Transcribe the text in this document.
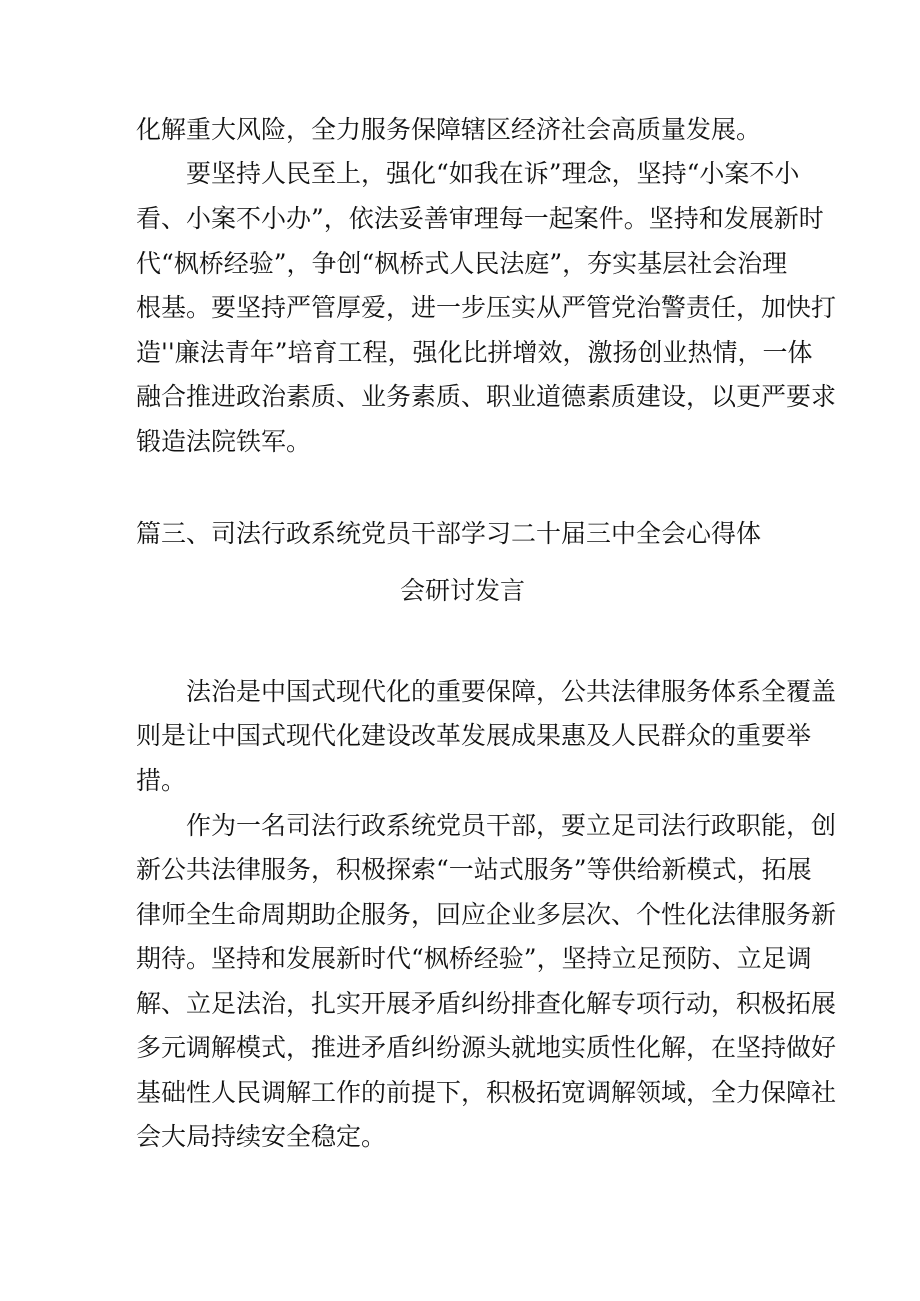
化解重大风险，全力服务保障辖区经济社会高质量发展。
要坚持人民至上，强化“如我在诉”理念，坚持“小案不小
看、小案不小办”，依法妥善审理每一起案件。坚持和发展新时
代“枫桥经验”，争创“枫桥式人民法庭”，夯实基层社会治理
根基。要坚持严管厚爱，进一步压实从严管党治警责任，加快打
造''廉法青年”培育工程，强化比拼增效，激扬创业热情，一体
融合推进政治素质、业务素质、职业道德素质建设，以更严要求
锻造法院铁军。
篇三、司法行政系统党员干部学习二十届三中全会心得体
会研讨发言
法治是中国式现代化的重要保障，公共法律服务体系全覆盖
则是让中国式现代化建设改革发展成果惠及人民群众的重要举
措。
作为一名司法行政系统党员干部，要立足司法行政职能，创
新公共法律服务，积极探索“一站式服务”等供给新模式，拓展
律师全生命周期助企服务，回应企业多层次、个性化法律服务新
期待。坚持和发展新时代“枫桥经验”，坚持立足预防、立足调
解、立足法治，扎实开展矛盾纠纷排查化解专项行动，积极拓展
多元调解模式，推进矛盾纠纷源头就地实质性化解，在坚持做好
基础性人民调解工作的前提下，积极拓宽调解领域，全力保障社
会大局持续安全稳定。
